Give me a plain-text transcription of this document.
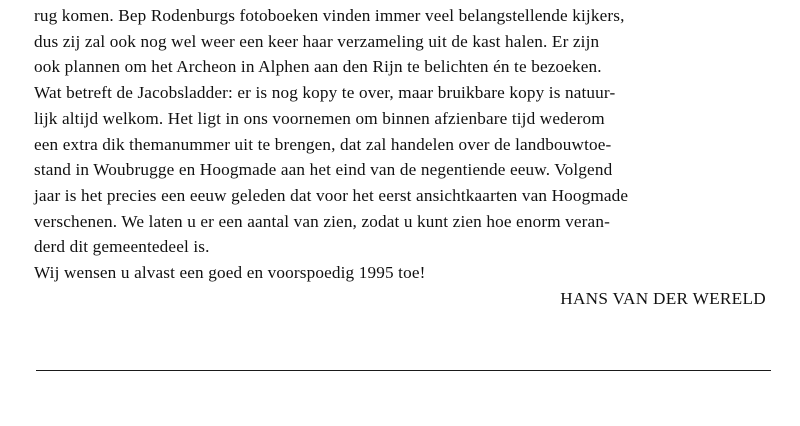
rug komen. Bep Rodenburgs fotoboeken vinden immer veel belangstellende kijkers,
dus zij zal ook nog wel weer een keer haar verzameling uit de kast halen. Er zijn
ook plannen om het Archeon in Alphen aan den Rijn te belichten én te bezoeken.
Wat betreft de Jacobsladder: er is nog kopy te over, maar bruikbare kopy is natuur-
lijk altijd welkom. Het ligt in ons voornemen om binnen afzienbare tijd wederom
een extra dik themanummer uit te brengen, dat zal handelen over de landbouwtoe-
stand in Woubrugge en Hoogmade aan het eind van de negentiende eeuw. Volgend
jaar is het precies een eeuw geleden dat voor het eerst ansichtkaarten van Hoogmade
verschenen. We laten u er een aantal van zien, zodat u kunt zien hoe enorm veran-
derd dit gemeentedeel is.
Wij wensen u alvast een goed en voorspoedig 1995 toe!
HANS VAN DER WERELD
